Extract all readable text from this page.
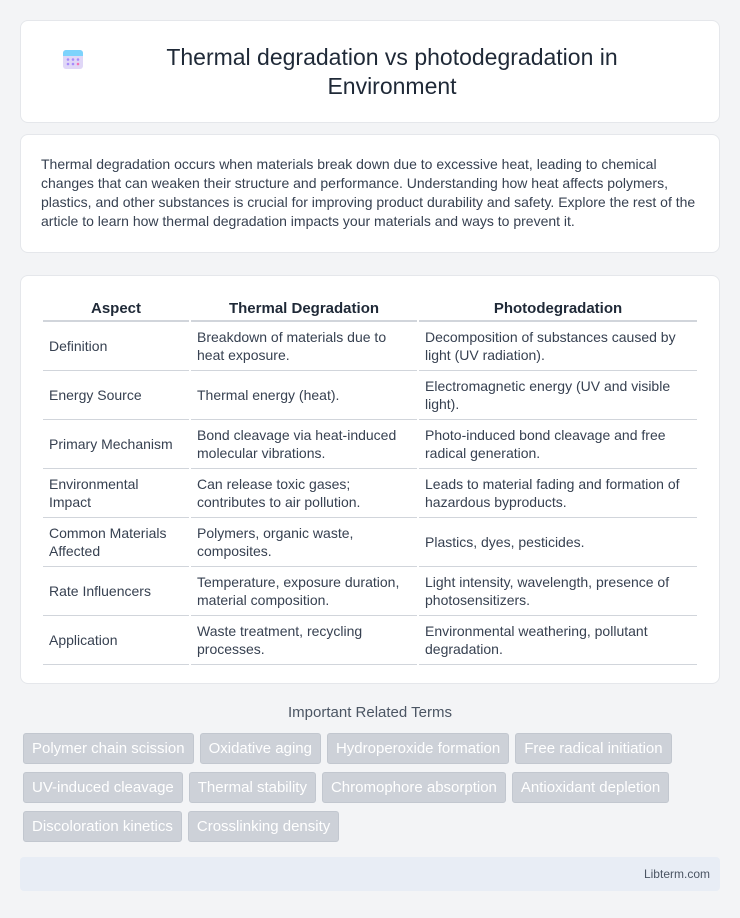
Thermal degradation vs photodegradation in Environment

Thermal degradation occurs when materials break down due to excessive heat, leading to chemical changes that can weaken their structure and performance. Understanding how heat affects polymers, plastics, and other substances is crucial for improving product durability and safety. Explore the rest of the article to learn how thermal degradation impacts your materials and ways to prevent it.

Aspect	Thermal Degradation	Photodegradation
Definition	Breakdown of materials due to heat exposure.	Decomposition of substances caused by light (UV radiation).
Energy Source	Thermal energy (heat).	Electromagnetic energy (UV and visible light).
Primary Mechanism	Bond cleavage via heat-induced molecular vibrations.	Photo-induced bond cleavage and free radical generation.
Environmental Impact	Can release toxic gases; contributes to air pollution.	Leads to material fading and formation of hazardous byproducts.
Common Materials Affected	Polymers, organic waste, composites.	Plastics, dyes, pesticides.
Rate Influencers	Temperature, exposure duration, material composition.	Light intensity, wavelength, presence of photosensitizers.
Application	Waste treatment, recycling processes.	Environmental weathering, pollutant degradation.
Important Related Terms
Polymer chain scission	Oxidative aging	Hydroperoxide formation	Free radical initiation
UV-induced cleavage	Thermal stability	Chromophore absorption	Antioxidant depletion
Discoloration kinetics	Crosslinking density
Libterm.com
